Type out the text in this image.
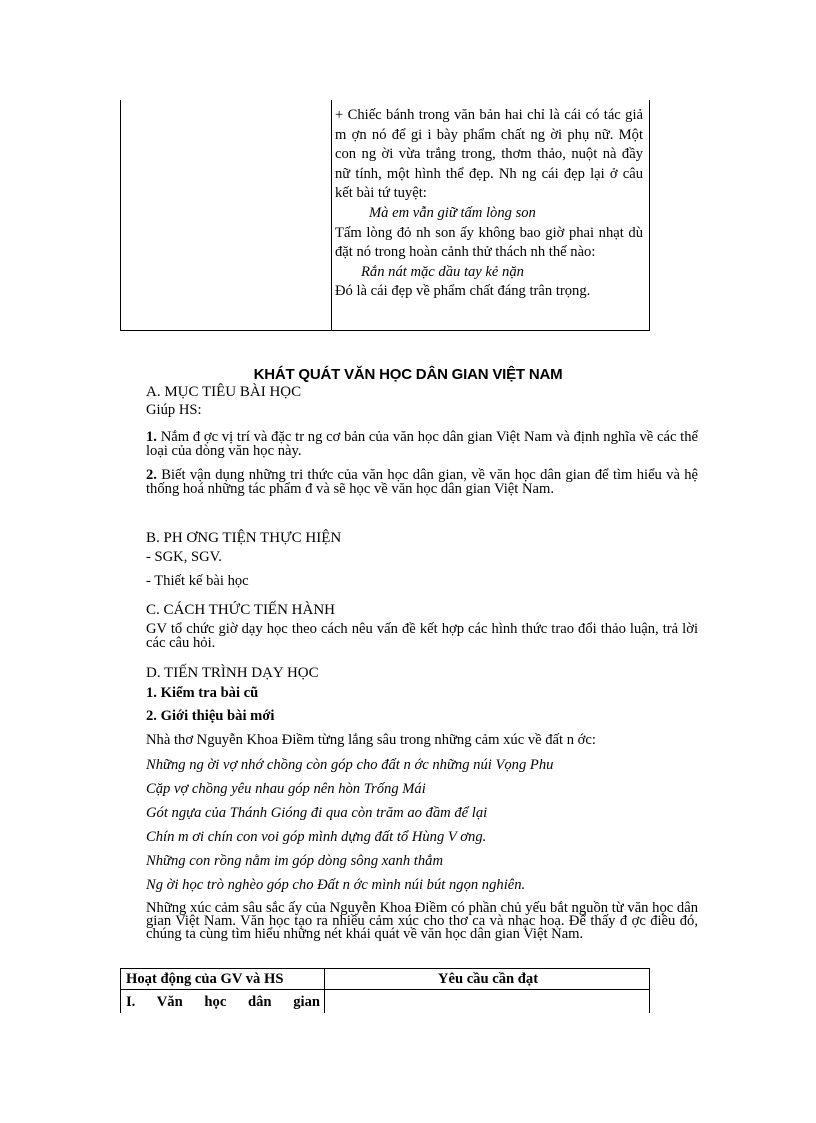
+ Chiếc bánh trong văn bản hai chỉ là cái có tác giả m ợn nó để gi i bày phẩm chất ng ời phụ nữ. Một con ng ời vừa trắng trong, thơm thảo, nuột nà đầy nữ tính, một hình thể đẹp. Nh ng cái đẹp lại ở câu kết bài tứ tuyệt:

Mà em vẫn giữ tấm lòng son

Tấm lòng đỏ nh son ấy không bao giờ phai nhạt dù đặt nó trong hoàn cảnh thử thách nh thế nào:

Rắn nát mặc dầu tay kẻ nặn

Đó là cái đẹp về phẩm chất đáng trân trọng.

KHÁT QUÁT VĂN HỌC DÂN GIAN VIỆT NAM

A. MỤC TIÊU BÀI HỌC

Giúp HS:

1. Nắm đ ợc vị trí và đặc tr ng cơ bản của văn học dân gian Việt Nam và định nghĩa về các thể loại của dòng văn học này.
2. Biết vận dụng những tri thức của văn học dân gian, về văn học dân gian để tìm hiểu và hệ thống hoá những tác phẩm đ và sẽ học về văn học dân gian Việt Nam.

B. PH ƠNG TIỆN THỰC HIỆN

- SGK, SGV.

- Thiết kế bài học

C. CÁCH THỨC TIẾN HÀNH

GV tổ chức giờ dạy học theo cách nêu vấn đề kết hợp các hình thức trao đổi thảo luận, trả lời các câu hỏi.

D. TIẾN TRÌNH DẠY HỌC

1. Kiểm tra bài cũ

2. Giới thiệu bài mới

Nhà thơ Nguyễn Khoa Điềm từng lắng sâu trong những cảm xúc về đất n ớc:

Những ng ời vợ nhớ chồng còn góp cho đất n ớc những núi Vọng Phu
Cặp vợ chồng yêu nhau góp nên hòn Trống Mái
Gót ngựa của Thánh Gióng đi qua còn trăm ao đầm để lại
Chín m ơi chín con voi góp mình dựng đất tổ Hùng V ơng.
Những con rồng nằm im góp dòng sông xanh thẳm
Ng ời học trò nghèo góp cho Đất n ớc mình núi bút ngọn nghiên.
Những xúc cảm sâu sắc ấy của Nguyễn Khoa Điềm có phần chủ yếu bắt nguồn từ văn học dân gian Việt Nam. Văn học tạo ra nhiều cảm xúc cho thơ ca và nhạc hoạ. Để thấy đ ợc điều đó, chúng ta cùng tìm hiểu những nét khái quát về văn học dân gian Việt Nam.
Hoạt động của GV và HS	Yêu cầu cần đạt
I. Văn học dân gian
